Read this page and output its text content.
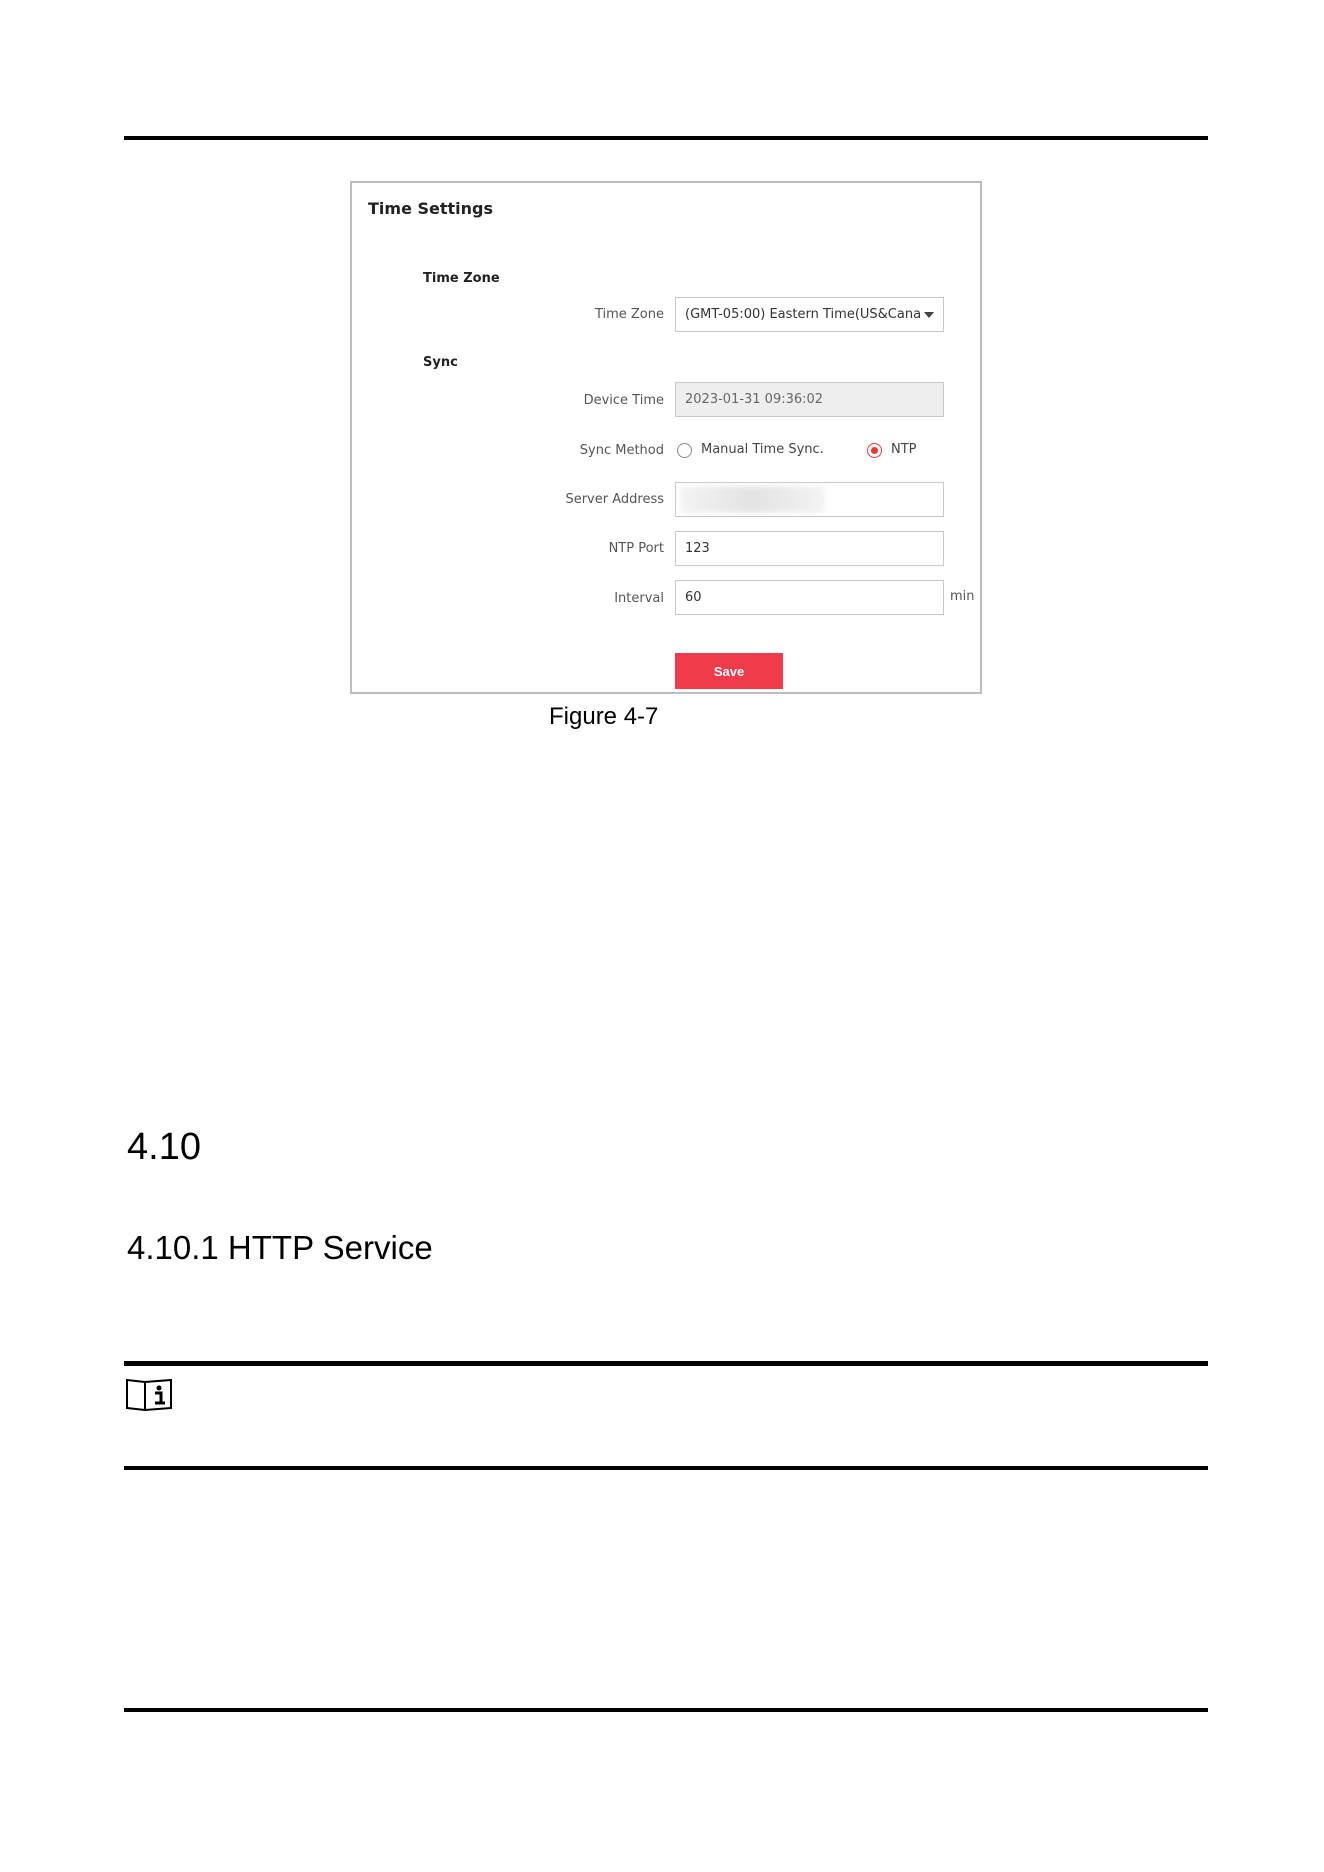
Time Settings
Time Zone
Time Zone	(GMT-05:00) Eastern Time(US&Cana
Sync
Device Time	2023-01-31 09:36:02
Sync Method	Manual Time Sync.	NTP
Server Address
NTP Port	123
Interval	60	min
Save
Figure 4-7
4.10
4.10.1 HTTP Service
